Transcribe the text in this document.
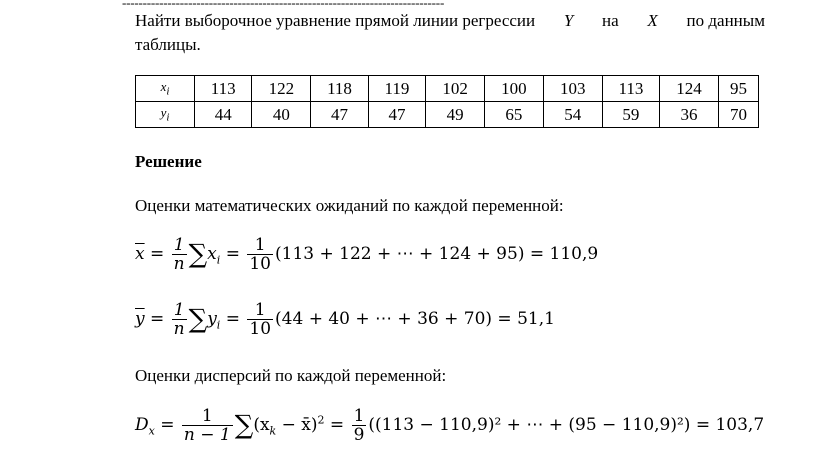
------------------------------------------------------------------------------
Найти выборочное уравнение прямой линии регрессии Y на X по данным
таблицы.
$x_i$	113	122	118	119	102	100	103	113	124	95
$y_i$	44	40	47	47	49	65	54	59	36	70
Решение
Оценки математических ожиданий по каждой переменной:
$\overline{x} = \frac{1}{n} \sum x_i = \frac{1}{10} (113 + 122$ + ⋯ + 124 + 95) = 110,9
$\overline{y} = \frac{1}{n} \sum y_i = \frac{1}{10} (44 + 40$ + ⋯ + 36 + 70) = 51,1
Оценки дисперсий по каждой переменной:
$D_x = \frac{1}{n - 1} \sum(x_k$ − x̄)$^2$ = $\frac{1}{9} ((113 - 110,9)^2$ + ⋯ + (95 − 110,9)²) = 103,7
